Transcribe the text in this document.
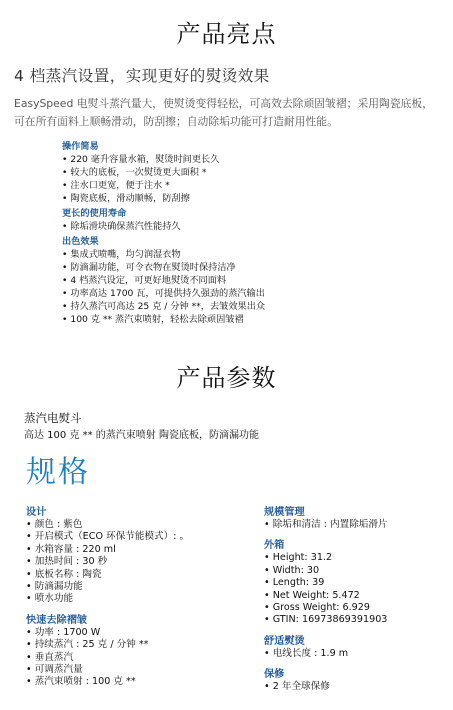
产品亮点
4 档蒸汽设置，实现更好的熨烫效果

EasySpeed 电熨斗蒸汽量大，使熨烫变得轻松，可高效去除顽固皱褶；采用陶瓷底板，可在所有面料上顺畅滑动，防刮擦；自动除垢功能可打造耐用性能。

操作简易
• 220 毫升容量水箱，熨烫时间更长久
• 较大的底板，一次熨烫更大面积 *
• 注水口更宽，便于注水 *
• 陶瓷底板，滑动顺畅，防刮擦
更长的使用寿命
• 除垢滑块确保蒸汽性能持久
出色效果
• 集成式喷嘴，均匀润湿衣物
• 防滴漏功能，可令衣物在熨烫时保持洁净
• 4 档蒸汽设定，可更好地熨烫不同面料
• 功率高达 1700 瓦，可提供持久强劲的蒸汽输出
• 持久蒸汽可高达 25 克 / 分钟 **，去皱效果出众
• 100 克 ** 蒸汽束喷射，轻松去除顽固皱褶
产品参数
蒸汽电熨斗
高达 100 克 ** 的蒸汽束喷射 陶瓷底板，防滴漏功能
规格
设计
• 颜色 : 紫色
• 开启模式（ECO 环保节能模式）: 。
• 水箱容量 : 220 ml
• 加热时间 : 30 秒
• 底板名称 : 陶瓷
• 防滴漏功能
• 喷水功能
快速去除褶皱
• 功率 : 1700 W
• 持续蒸汽 : 25 克 / 分钟 **
• 垂直蒸汽
• 可调蒸汽量
• 蒸汽束喷射 : 100 克 **
规模管理
• 除垢和清洁 : 内置除垢滑片
外箱
• Height: 31.2
• Width: 30
• Length: 39
• Net Weight: 5.472
• Gross Weight: 6.929
• GTIN: 16973869391903
舒适熨烫
• 电线长度 : 1.9 m
保修
• 2 年全球保修
